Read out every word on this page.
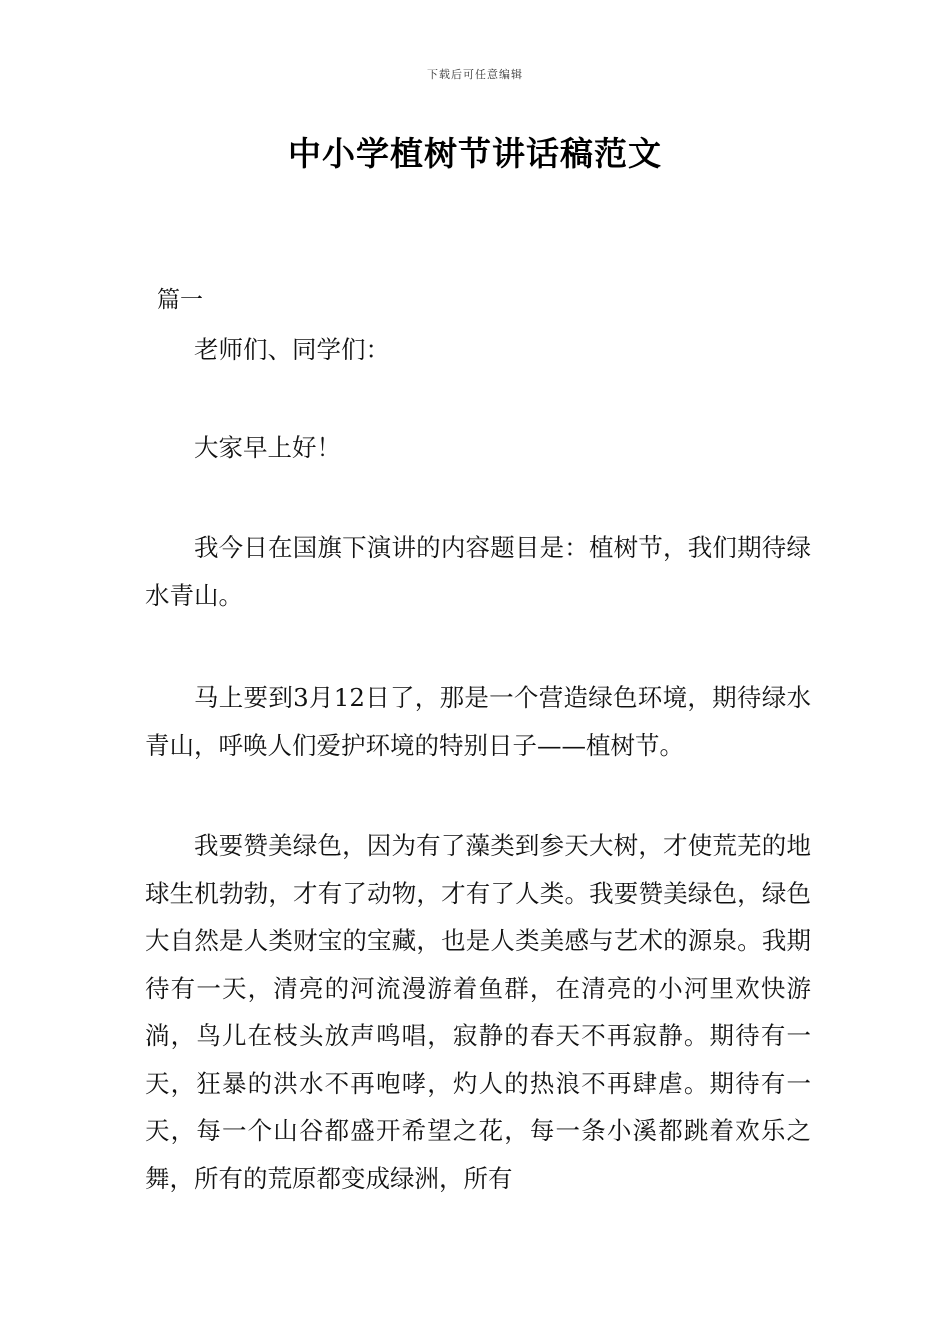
下载后可任意编辑
中小学植树节讲话稿范文
篇一

老师们、同学们：

大家早上好！

我今日在国旗下演讲的内容题目是：植树节，我们期待绿水青山。

马上要到3月12日了，那是一个营造绿色环境，期待绿水青山，呼唤人们爱护环境的特别日子——植树节。

我要赞美绿色，因为有了藻类到参天大树，才使荒芜的地球生机勃勃，才有了动物，才有了人类。我要赞美绿色，绿色大自然是人类财宝的宝藏，也是人类美感与艺术的源泉。我期待有一天，清亮的河流漫游着鱼群，在清亮的小河里欢快游淌，鸟儿在枝头放声鸣唱，寂静的春天不再寂静。期待有一天，狂暴的洪水不再咆哮，灼人的热浪不再肆虐。期待有一天，每一个山谷都盛开希望之花，每一条小溪都跳着欢乐之舞，所有的荒原都变成绿洲，所有
